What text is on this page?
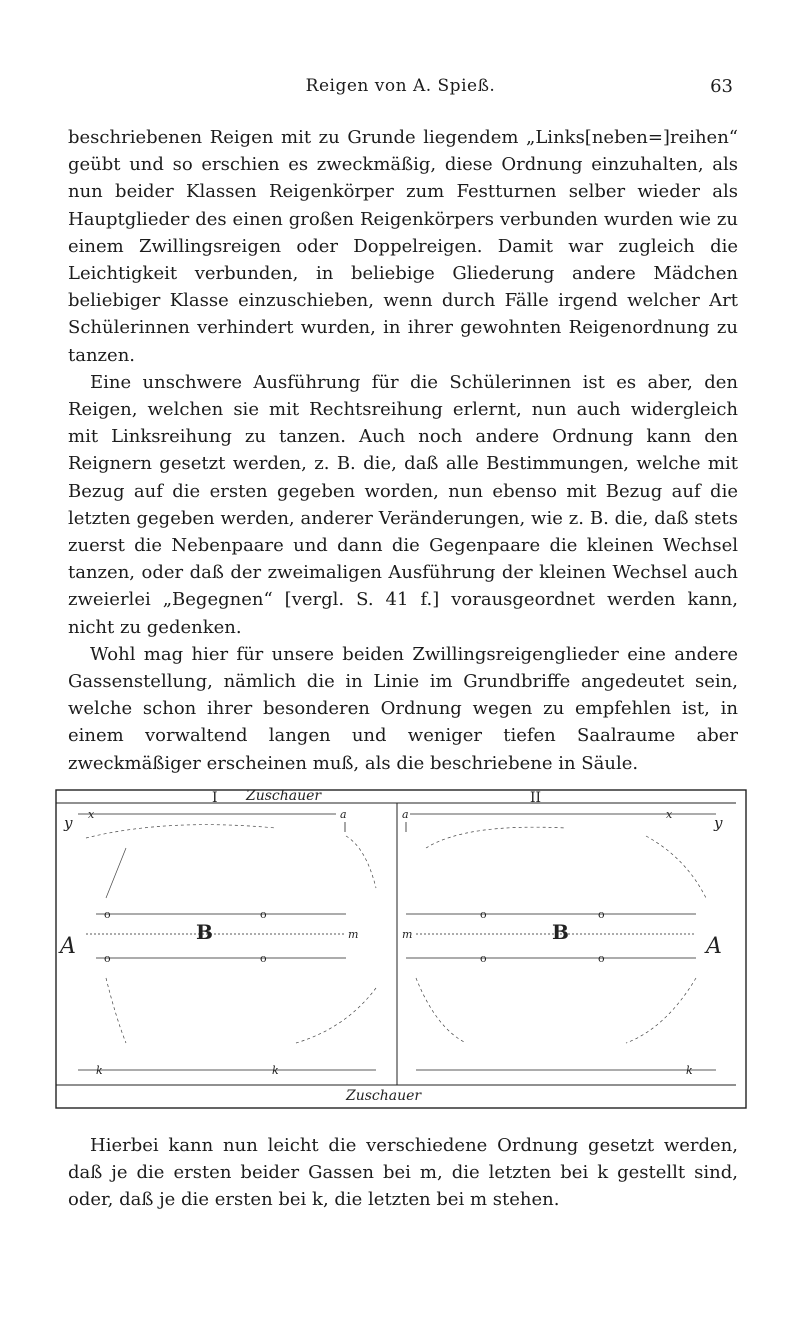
Reigen von A. Spieß.	63

beschriebenen Reigen mit zu Grunde liegendem „Links[neben=]reihen“ geübt und so erschien es zweckmäßig, diese Ordnung einzuhalten, als nun beider Klassen Reigenkörper zum Festturnen selber wieder als Hauptglieder des einen großen Reigenkörpers verbunden wurden wie zu einem Zwillingsreigen oder Doppelreigen. Damit war zugleich die Leichtigkeit verbunden, in beliebige Gliederung andere Mädchen beliebiger Klasse einzuschieben, wenn durch Fälle irgend welcher Art Schülerinnen verhindert wurden, in ihrer gewohnten Reigenordnung zu tanzen.

Eine unschwere Ausführung für die Schülerinnen ist es aber, den Reigen, welchen sie mit Rechtsreihung erlernt, nun auch widergleich mit Linksreihung zu tanzen. Auch noch andere Ordnung kann den Reignern gesetzt werden, z. B. die, daß alle Bestimmungen, welche mit Bezug auf die ersten gegeben worden, nun ebenso mit Bezug auf die letzten gegeben werden, anderer Veränderungen, wie z. B. die, daß stets zuerst die Nebenpaare und dann die Gegenpaare die kleinen Wechsel tanzen, oder daß der zweimaligen Ausführung der kleinen Wechsel auch zweierlei „Begegnen“ [vergl. S. 41 f.] vorausgeordnet werden kann, nicht zu gedenken.

Wohl mag hier für unsere beiden Zwillingsreigenglieder eine andere Gassenstellung, nämlich die in Linie im Grundbriffe angedeutet sein, welche schon ihrer besonderen Ordnung wegen zu empfehlen ist, in einem vorwaltend langen und weniger tiefen Saalraume aber zweckmäßiger erscheinen muß, als die beschriebene in Säule.

Zuschauer
I	II
Zuschauer
y x	a
o	o
A
B	m
o	o
k	k
a	x	y
o	o
m	B
A
o	o
k

Hierbei kann nun leicht die verschiedene Ordnung gesetzt werden, daß je die ersten beider Gassen bei m, die letzten bei k gestellt sind, oder, daß je die ersten bei k, die letzten bei m stehen.
